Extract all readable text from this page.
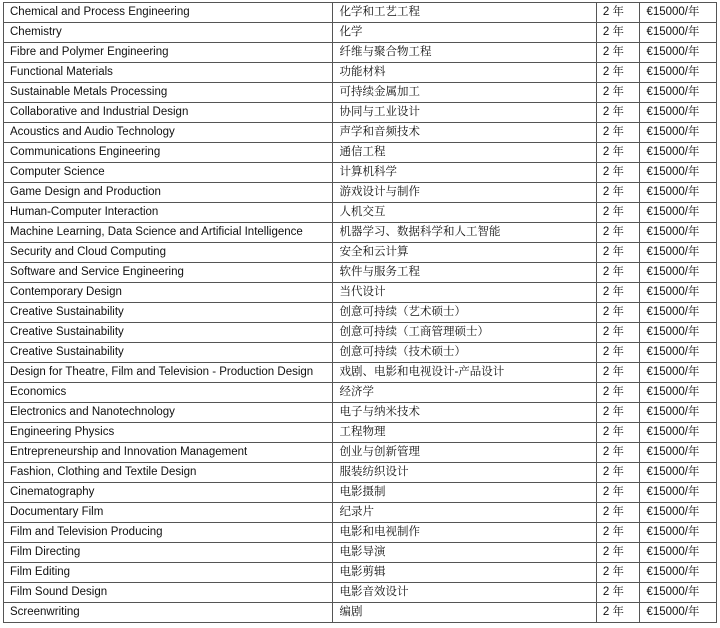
Chemical and Process Engineering	化学和工艺工程	2 年	€15000/年
Chemistry	化学	2 年	€15000/年
Fibre and Polymer Engineering	纤维与聚合物工程	2 年	€15000/年
Functional Materials	功能材料	2 年	€15000/年
Sustainable Metals Processing	可持续金属加工	2 年	€15000/年
Collaborative and Industrial Design	协同与工业设计	2 年	€15000/年
Acoustics and Audio Technology	声学和音频技术	2 年	€15000/年
Communications Engineering	通信工程	2 年	€15000/年
Computer Science	计算机科学	2 年	€15000/年
Game Design and Production	游戏设计与制作	2 年	€15000/年
Human-Computer Interaction	人机交互	2 年	€15000/年
Machine Learning, Data Science and Artificial Intelligence	机器学习、数据科学和人工智能	2 年	€15000/年
Security and Cloud Computing	安全和云计算	2 年	€15000/年
Software and Service Engineering	软件与服务工程	2 年	€15000/年
Contemporary Design	当代设计	2 年	€15000/年
Creative Sustainability	创意可持续（艺术硕士）	2 年	€15000/年
Creative Sustainability	创意可持续（工商管理硕士）	2 年	€15000/年
Creative Sustainability	创意可持续（技术硕士）	2 年	€15000/年
Design for Theatre, Film and Television - Production Design	戏剧、电影和电视设计-产品设计	2 年	€15000/年
Economics	经济学	2 年	€15000/年
Electronics and Nanotechnology	电子与纳米技术	2 年	€15000/年
Engineering Physics	工程物理	2 年	€15000/年
Entrepreneurship and Innovation Management	创业与创新管理	2 年	€15000/年
Fashion, Clothing and Textile Design	服装纺织设计	2 年	€15000/年
Cinematography	电影摄制	2 年	€15000/年
Documentary Film	纪录片	2 年	€15000/年
Film and Television Producing	电影和电视制作	2 年	€15000/年
Film Directing	电影导演	2 年	€15000/年
Film Editing	电影剪辑	2 年	€15000/年
Film Sound Design	电影音效设计	2 年	€15000/年
Screenwriting	编剧	2 年	€15000/年
